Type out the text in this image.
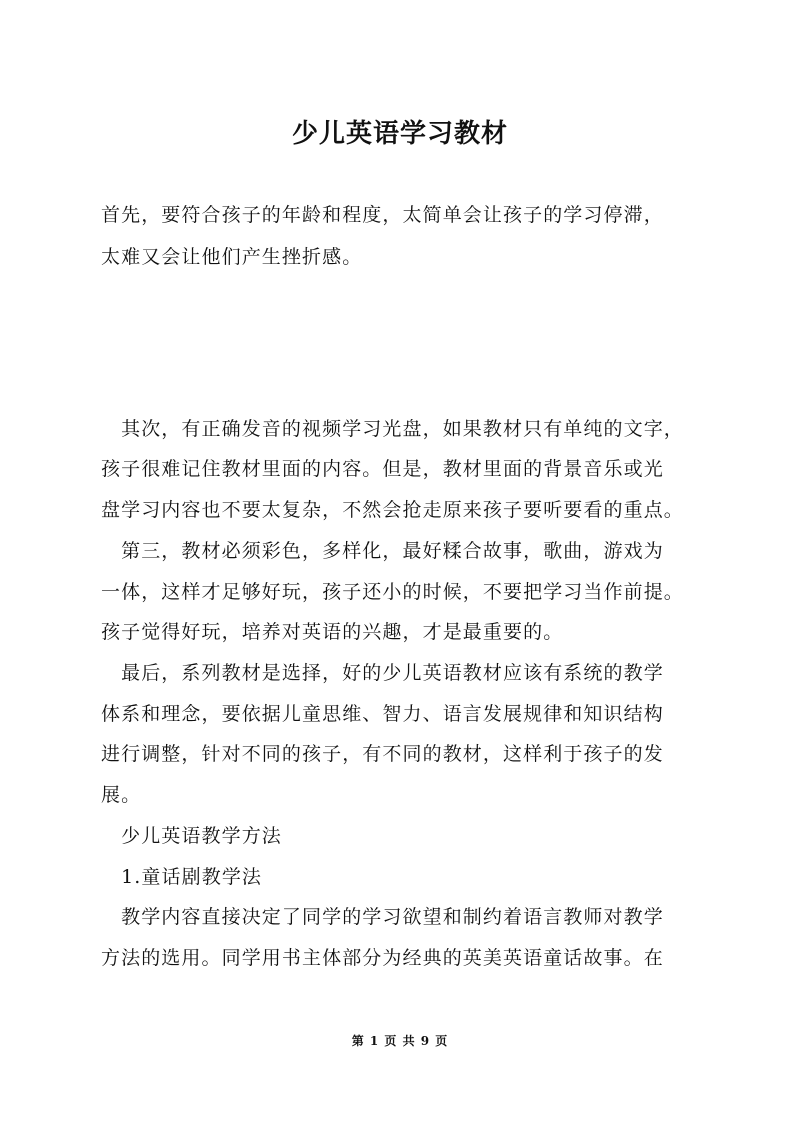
少儿英语学习教材
首先，要符合孩子的年龄和程度，太简单会让孩子的学习停滞，
太难又会让他们产生挫折感。
　其次，有正确发音的视频学习光盘，如果教材只有单纯的文字，
孩子很难记住教材里面的内容。但是，教材里面的背景音乐或光
盘学习内容也不要太复杂，不然会抢走原来孩子要听要看的重点。
　第三，教材必须彩色，多样化，最好糅合故事，歌曲，游戏为
一体，这样才足够好玩，孩子还小的时候，不要把学习当作前提。
孩子觉得好玩，培养对英语的兴趣，才是最重要的。
　最后，系列教材是选择，好的少儿英语教材应该有系统的教学
体系和理念，要依据儿童思维、智力、语言发展规律和知识结构
进行调整，针对不同的孩子，有不同的教材，这样利于孩子的发
展。
　少儿英语教学方法
　1.童话剧教学法
　教学内容直接决定了同学的学习欲望和制约着语言教师对教学
方法的选用。同学用书主体部分为经典的英美英语童话故事。在
第 1 页 共 9 页
